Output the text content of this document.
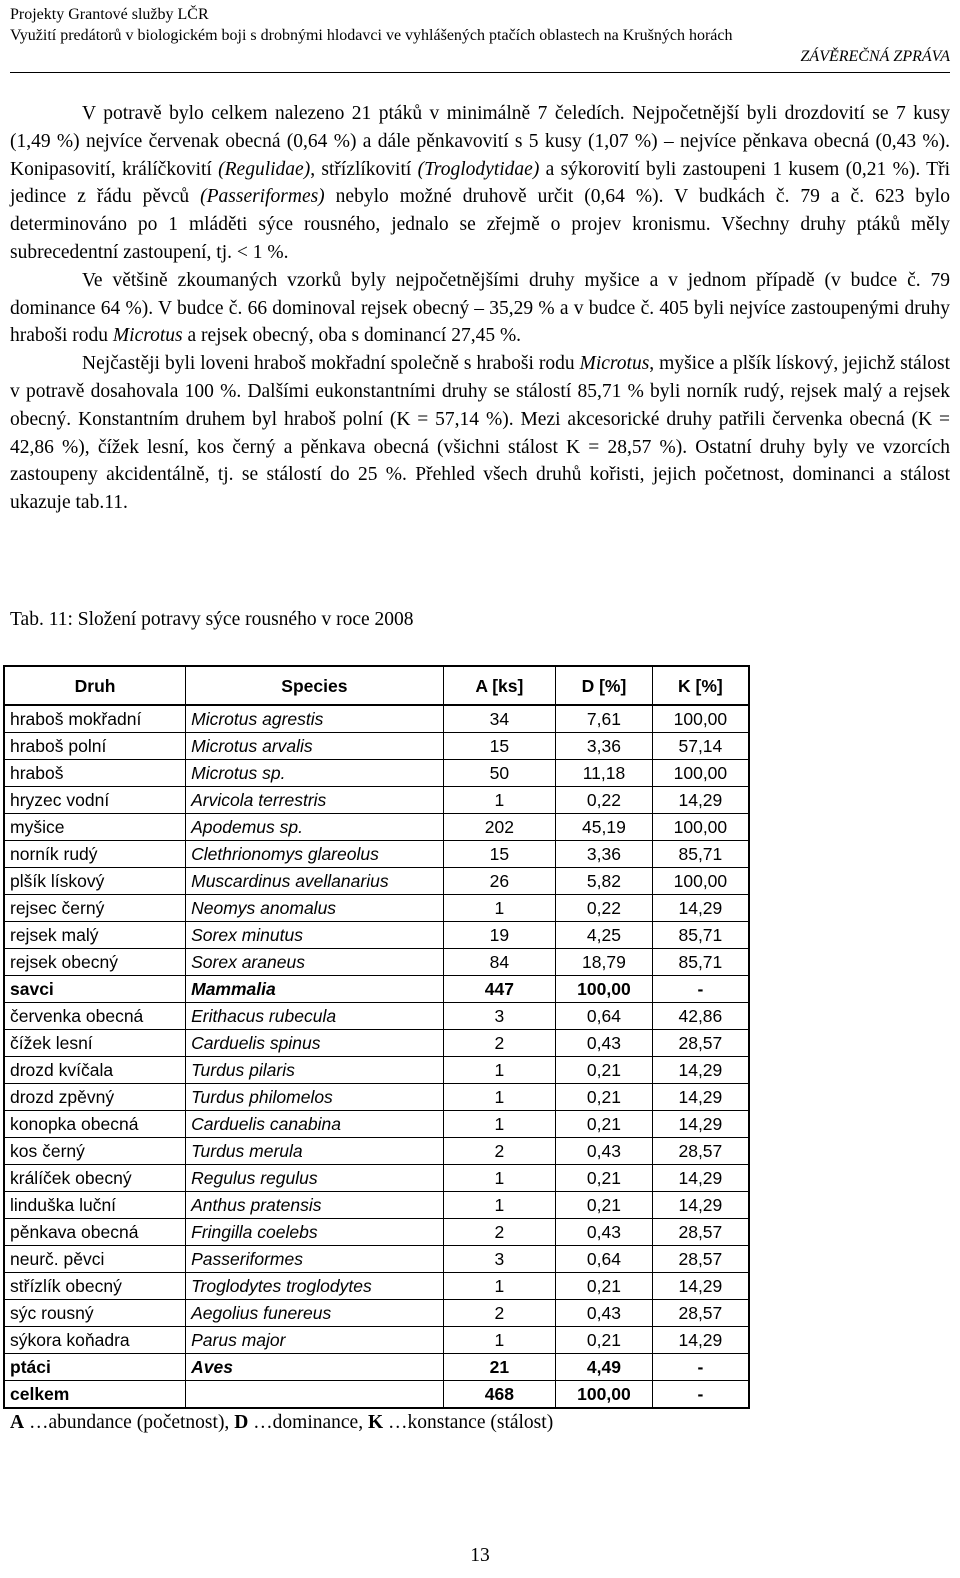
Projekty Grantové služby LČR
Využití predátorů v biologickém boji s drobnými hlodavci ve vyhlášených ptačích oblastech na Krušných horách
ZÁVĚREČNÁ ZPRÁVA

V potravě bylo celkem nalezeno 21 ptáků v minimálně 7 čeledích. Nejpočetnější byli drozdovití se 7 kusy (1,49 %) nejvíce červenak obecná (0,64 %) a dále pěnkavovití s 5 kusy (1,07 %) – nejvíce pěnkava obecná (0,43 %). Konipasovití, králíčkovití (Regulidae), střízlíkovití (Troglodytidae) a sýkorovití byli zastoupeni 1 kusem (0,21 %). Tři jedince z řádu pěvců (Passeriformes) nebylo možné druhově určit (0,64 %). V budkách č. 79 a č. 623 bylo determinováno po 1 mláděti sýce rousného, jednalo se zřejmě o projev kronismu. Všechny druhy ptáků měly subrecedentní zastoupení, tj. < 1 %.

Ve většině zkoumaných vzorků byly nejpočetnějšími druhy myšice a v jednom případě (v budce č. 79 dominance 64 %). V budce č. 66 dominoval rejsek obecný – 35,29 % a v budce č. 405 byli nejvíce zastoupenými druhy hraboši rodu Microtus a rejsek obecný, oba s dominancí 27,45 %.

Nejčastěji byli loveni hraboš mokřadní společně s hraboši rodu Microtus, myšice a plšík lískový, jejichž stálost v potravě dosahovala 100 %. Dalšími eukonstantními druhy se stálostí 85,71 % byli norník rudý, rejsek malý a rejsek obecný. Konstantním druhem byl hraboš polní (K = 57,14 %). Mezi akcesorické druhy patřili červenka obecná (K = 42,86 %), čížek lesní, kos černý a pěnkava obecná (všichni stálost K = 28,57 %). Ostatní druhy byly ve vzorcích zastoupeny akcidentálně, tj. se stálostí do 25 %. Přehled všech druhů kořisti, jejich početnost, dominanci a stálost ukazuje tab.11.

Tab. 11: Složení potravy sýce rousného v roce 2008
Druh	Species	A [ks]	D [%]	K [%]
hraboš mokřadní	Microtus agrestis	34	7,61	100,00
hraboš polní	Microtus arvalis	15	3,36	57,14
hraboš	Microtus sp.	50	11,18	100,00
hryzec vodní	Arvicola terrestris	1	0,22	14,29
myšice	Apodemus sp.	202	45,19	100,00
norník rudý	Clethrionomys glareolus	15	3,36	85,71
plšík lískový	Muscardinus avellanarius	26	5,82	100,00
rejsec černý	Neomys anomalus	1	0,22	14,29
rejsek malý	Sorex minutus	19	4,25	85,71
rejsek obecný	Sorex araneus	84	18,79	85,71
savci	Mammalia	447	100,00	-
červenka obecná	Erithacus rubecula	3	0,64	42,86
čížek lesní	Carduelis spinus	2	0,43	28,57
drozd kvíčala	Turdus pilaris	1	0,21	14,29
drozd zpěvný	Turdus philomelos	1	0,21	14,29
konopka obecná	Carduelis canabina	1	0,21	14,29
kos černý	Turdus merula	2	0,43	28,57
králíček obecný	Regulus regulus	1	0,21	14,29
linduška luční	Anthus pratensis	1	0,21	14,29
pěnkava obecná	Fringilla coelebs	2	0,43	28,57
neurč. pěvci	Passeriformes	3	0,64	28,57
střízlík obecný	Troglodytes troglodytes	1	0,21	14,29
sýc rousný	Aegolius funereus	2	0,43	28,57
sýkora koňadra	Parus major	1	0,21	14,29
ptáci	Aves	21	4,49	-
celkem		468	100,00	-
A …abundance (početnost), D …dominance, K …konstance (stálost)
13
